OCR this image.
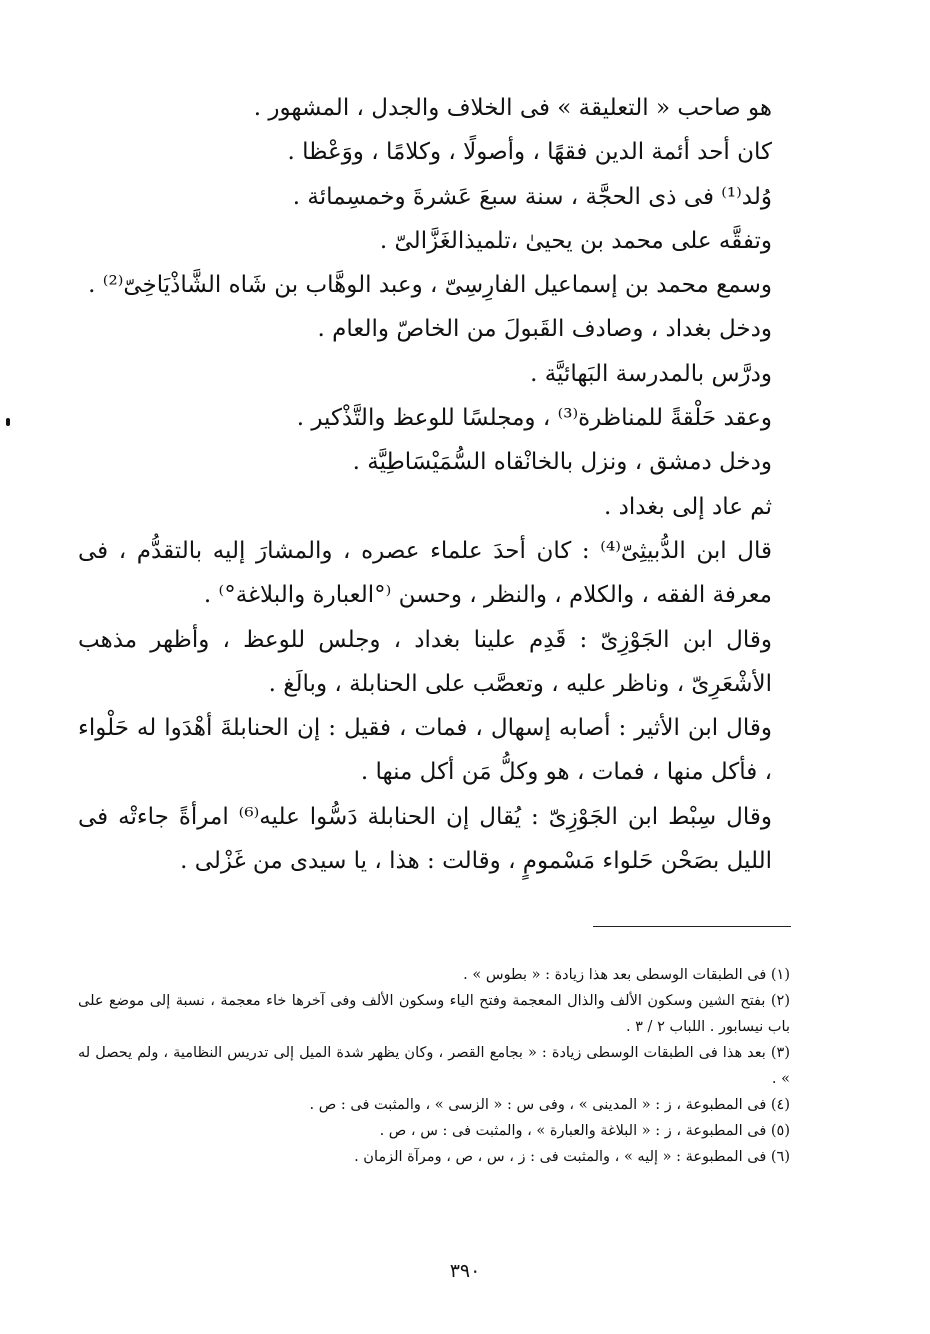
هو صاحب « التعليقة » فى الخلاف والجدل ، المشهور .

كان أحد أئمة الدين فقهًا ، وأصولًا ، وكلامًا ، ووَعْظا .

وُلد⁽¹⁾ فى ذى الحجَّة ، سنة سبعَ عَشرةَ وخمسِمائة .

وتفقَّه على محمد بن يحيىٰ ،تلميذالغَزَّالىّ .

وسمع محمد بن إسماعيل الفارِسِىّ ، وعبد الوهَّاب بن شَاه الشَّاذْيَاخِىّ⁽²⁾ .

ودخل بغداد ، وصادف القَبولَ من الخاصّ والعام .

ودرَّس بالمدرسة البَهائيَّة .

وعقد حَلْقةً للمناظرة⁽³⁾ ، ومجلسًا للوعظ والتَّذْكير .

ودخل دمشق ، ونزل بالخانْقاه السُّمَيْسَاطِيَّة .

ثم عاد إلى بغداد .

قال ابن الدُّبيثِىّ⁽⁴⁾ : كان أحدَ علماء عصره ، والمشارَ إليه بالتقدُّم ، فى معرفة الفقه ، والكلام ، والنظر ، وحسن ⁽°العبارة والبلاغة°⁾ .

وقال ابن الجَوْزِىّ : قَدِم علينا بغداد ، وجلس للوعظ ، وأظهر مذهب الأشْعَرِىّ ، وناظر عليه ، وتعصَّب على الحنابلة ، وبالَغ .

وقال ابن الأثير : أصابه إسهال ، فمات ، فقيل : إن الحنابلةَ أهْدَوا له حَلْواء ، فأكل منها ، فمات ، هو وكلُّ مَن أكل منها .

وقال سِبْط ابن الجَوْزِىّ : يُقال إن الحنابلة دَسُّوا عليه⁽⁶⁾ امرأةً جاءتْه فى الليل بصَحْن حَلواء مَسْمومٍ ، وقالت : هذا ، يا سيدى من غَزْلى .

(١) فى الطبقات الوسطى بعد هذا زيادة : « بطوس » .

(٢) بفتح الشين وسكون الألف والذال المعجمة وفتح الياء وسكون الألف وفى آخرها خاء معجمة ، نسبة إلى موضع على باب نيسابور . اللباب ٢ / ٣ .

(٣) بعد هذا فى الطبقات الوسطى زيادة : « بجامع القصر ، وكان يظهر شدة الميل إلى تدريس النظامية ، ولم يحصل له » .

(٤) فى المطبوعة ، ز : « المدينى » ، وفى س : « الزسى » ، والمثبت فى : ص .

(٥) فى المطبوعة ، ز : « البلاغة والعبارة » ، والمثبت فى : س ، ص .

(٦) فى المطبوعة : « إليه » ، والمثبت فى : ز ، س ، ص ، ومرآة الزمان .

٣٩٠
